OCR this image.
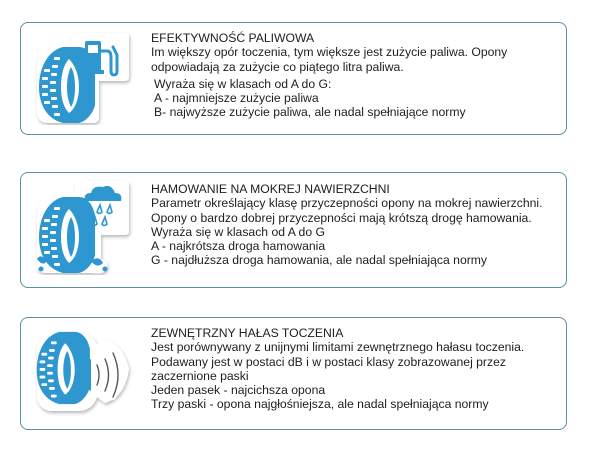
EFEKTYWNOŚĆ PALIWOWA
Im większy opór toczenia, tym większe jest zużycie paliwa. Opony
odpowiadają za zużycie co piątego litra paliwa.
Wyraża się w klasach od A do G:
A - najmniejsze zużycie paliwa
B- najwyższe zużycie paliwa, ale nadal spełniające normy
HAMOWANIE NA MOKREJ NAWIERZCHNI
Parametr określający klasę przyczepności opony na mokrej nawierzchni.
Opony o bardzo dobrej przyczepności mają krótszą drogę hamowania.
Wyraża się w klasach od A do G
A - najkrótsza droga hamowania
G - najdłuższa droga hamowania, ale nadal spełniająca normy
ZEWNĘTRZNY HAŁAS TOCZENIA
Jest porównywany z unijnymi limitami zewnętrznego hałasu toczenia.
Podawany jest w postaci dB i w postaci klasy zobrazowanej przez
zaczernione paski
Jeden pasek - najcichsza opona
Trzy paski - opona najgłośniejsza, ale nadal spełniająca normy
